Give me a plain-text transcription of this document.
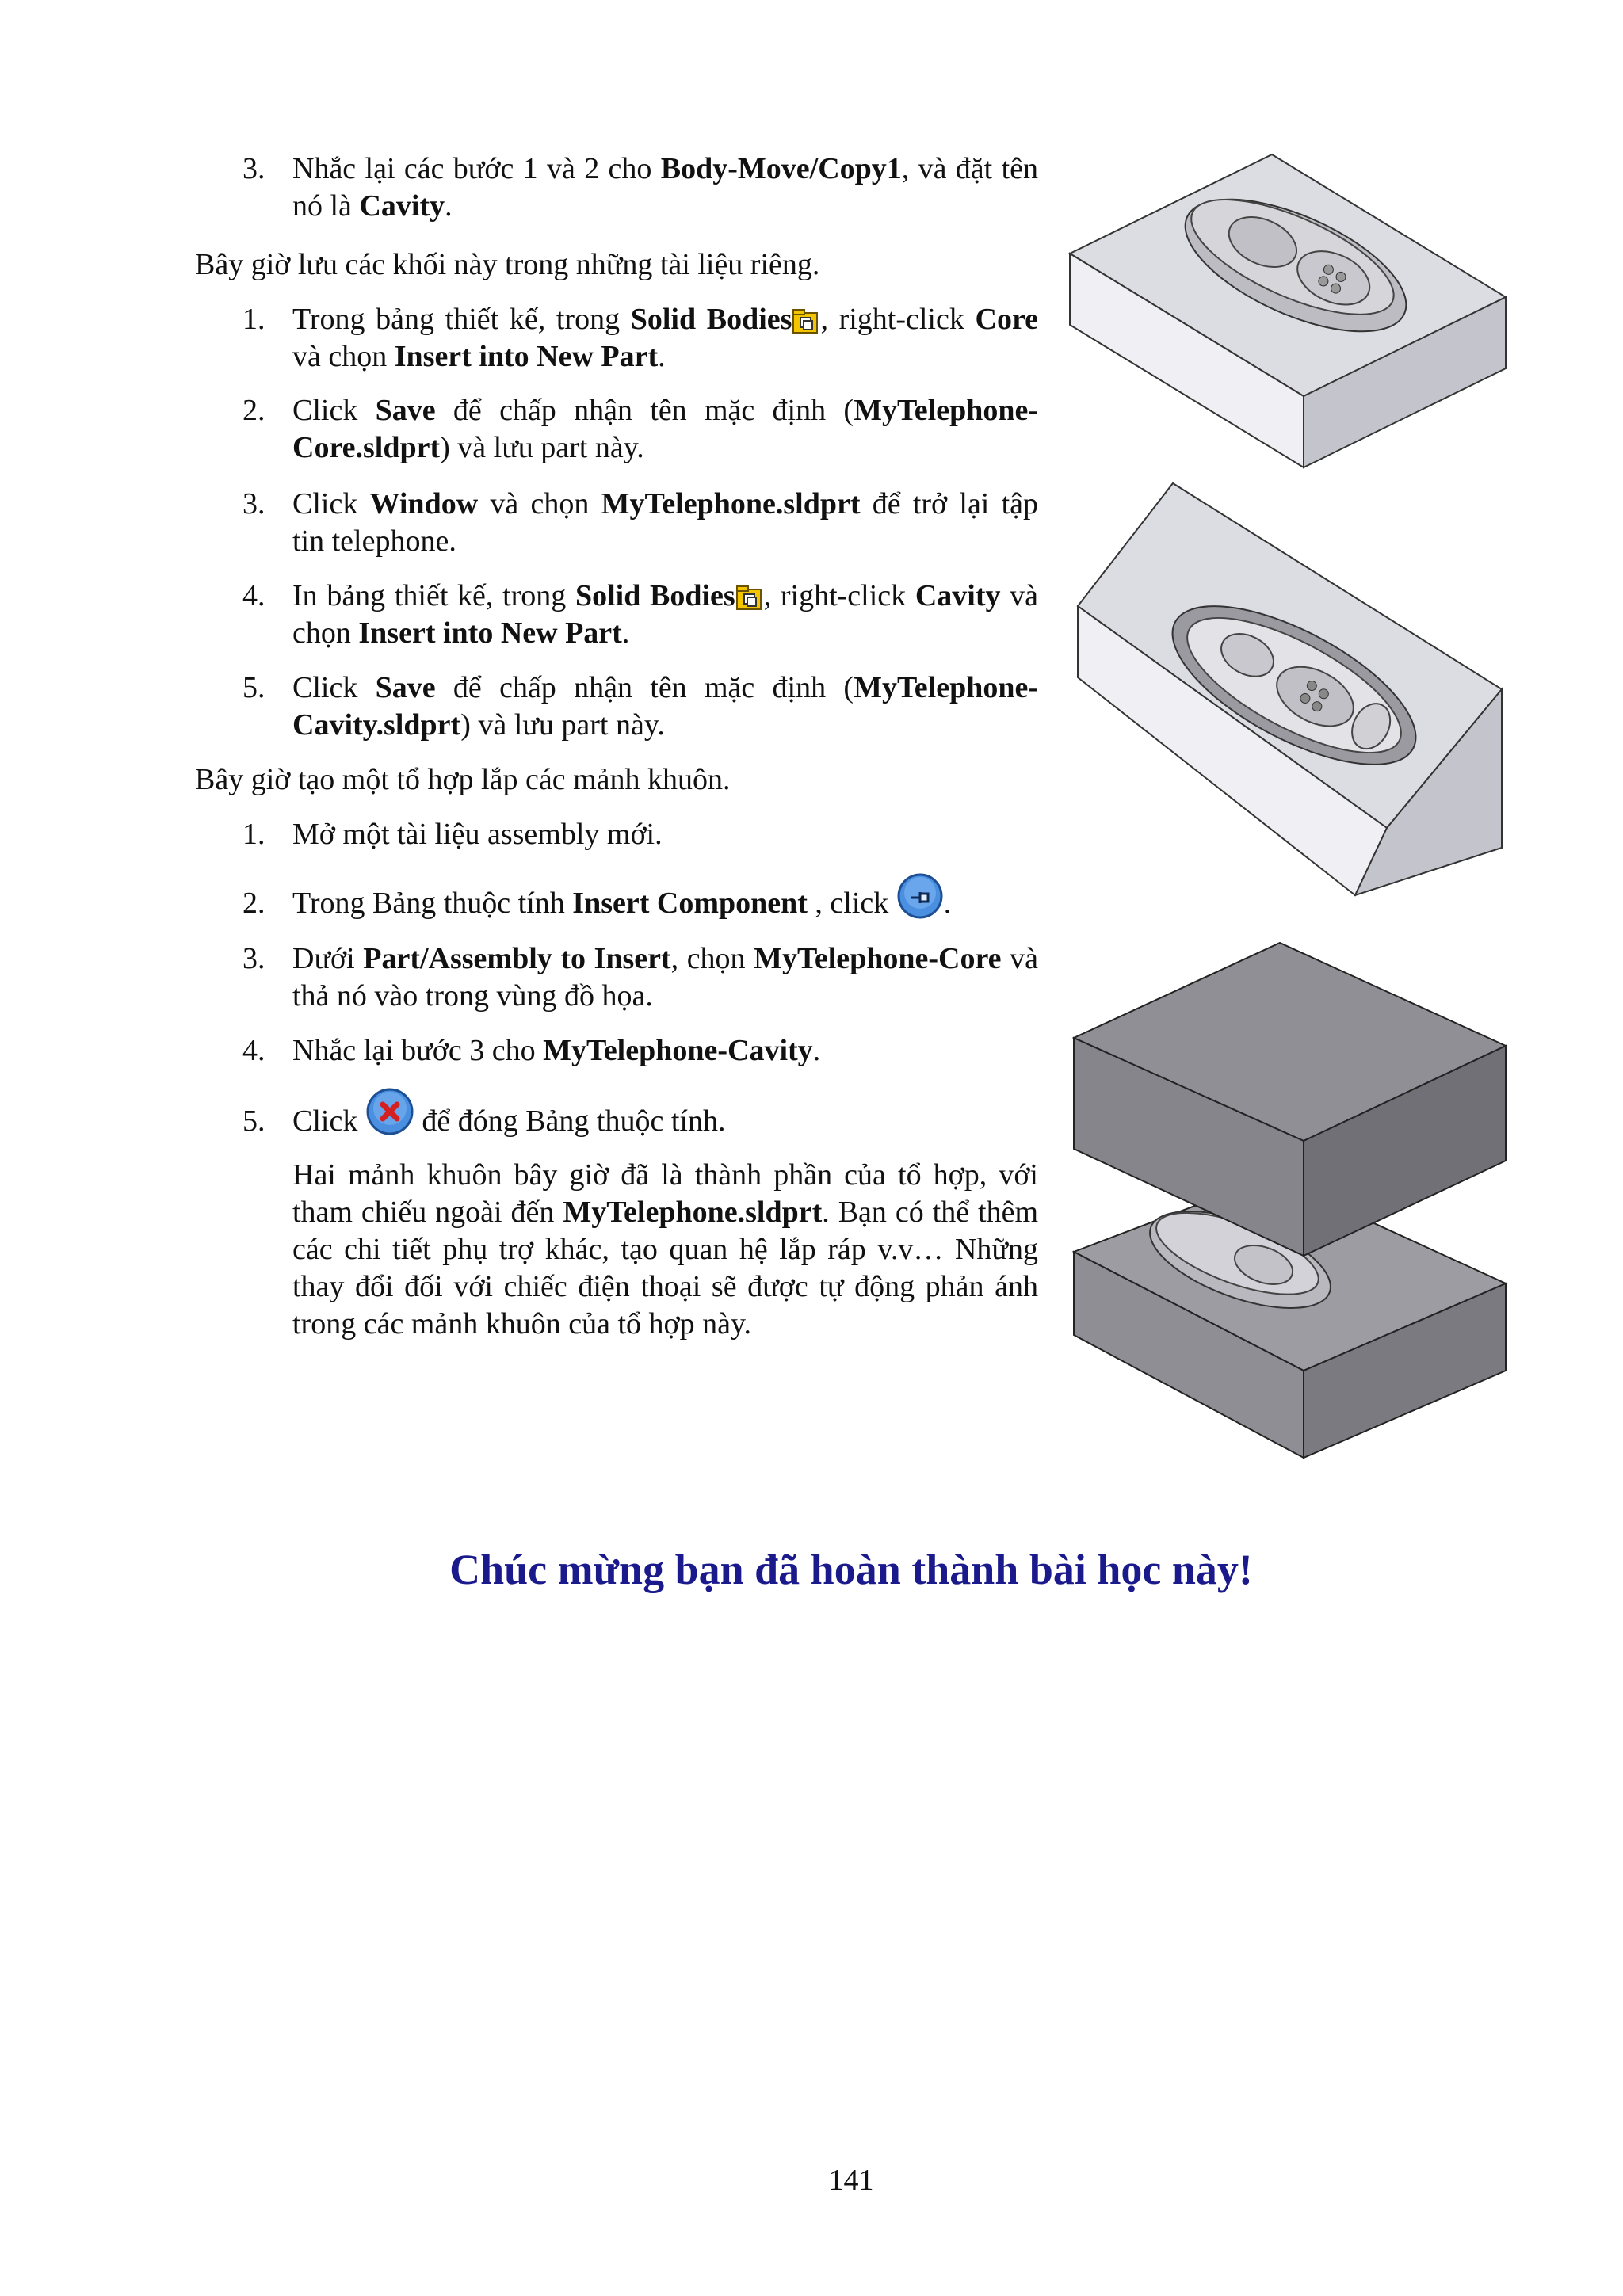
3. Nhắc lại các bước 1 và 2 cho Body-Move/Copy1, và đặt tên nó là Cavity.
Bây giờ lưu các khối này trong những tài liệu riêng.
1. Trong bảng thiết kế, trong Solid Bodies , right-click Core và chọn Insert into New Part.
2. Click Save để chấp nhận tên mặc định (MyTelephone-Core.sldprt) và lưu part này.
3. Click Window và chọn MyTelephone.sldprt để trở lại tập tin telephone.
4. In bảng thiết kế, trong Solid Bodies , right-click Cavity và chọn Insert into New Part.
5. Click Save để chấp nhận tên mặc định (MyTelephone-Cavity.sldprt) và lưu part này.
Bây giờ tạo một tổ hợp lắp các mảnh khuôn.
1. Mở một tài liệu assembly mới.
2. Trong Bảng thuộc tính Insert Component , click .
3. Dưới Part/Assembly to Insert, chọn MyTelephone-Core và thả nó vào trong vùng đồ họa.
4. Nhắc lại bước 3 cho MyTelephone-Cavity.
5. Click  để đóng Bảng thuộc tính.
Hai mảnh khuôn bây giờ đã là thành phần của tổ hợp, với tham chiếu ngoài đến MyTelephone.sldprt. Bạn có thể thêm các chi tiết phụ trợ khác, tạo quan hệ lắp ráp v.v… Những thay đổi đối với chiếc điện thoại sẽ được tự động phản ánh trong các mảnh khuôn của tổ hợp này.
Chúc mừng bạn đã hoàn thành bài học này!
141
